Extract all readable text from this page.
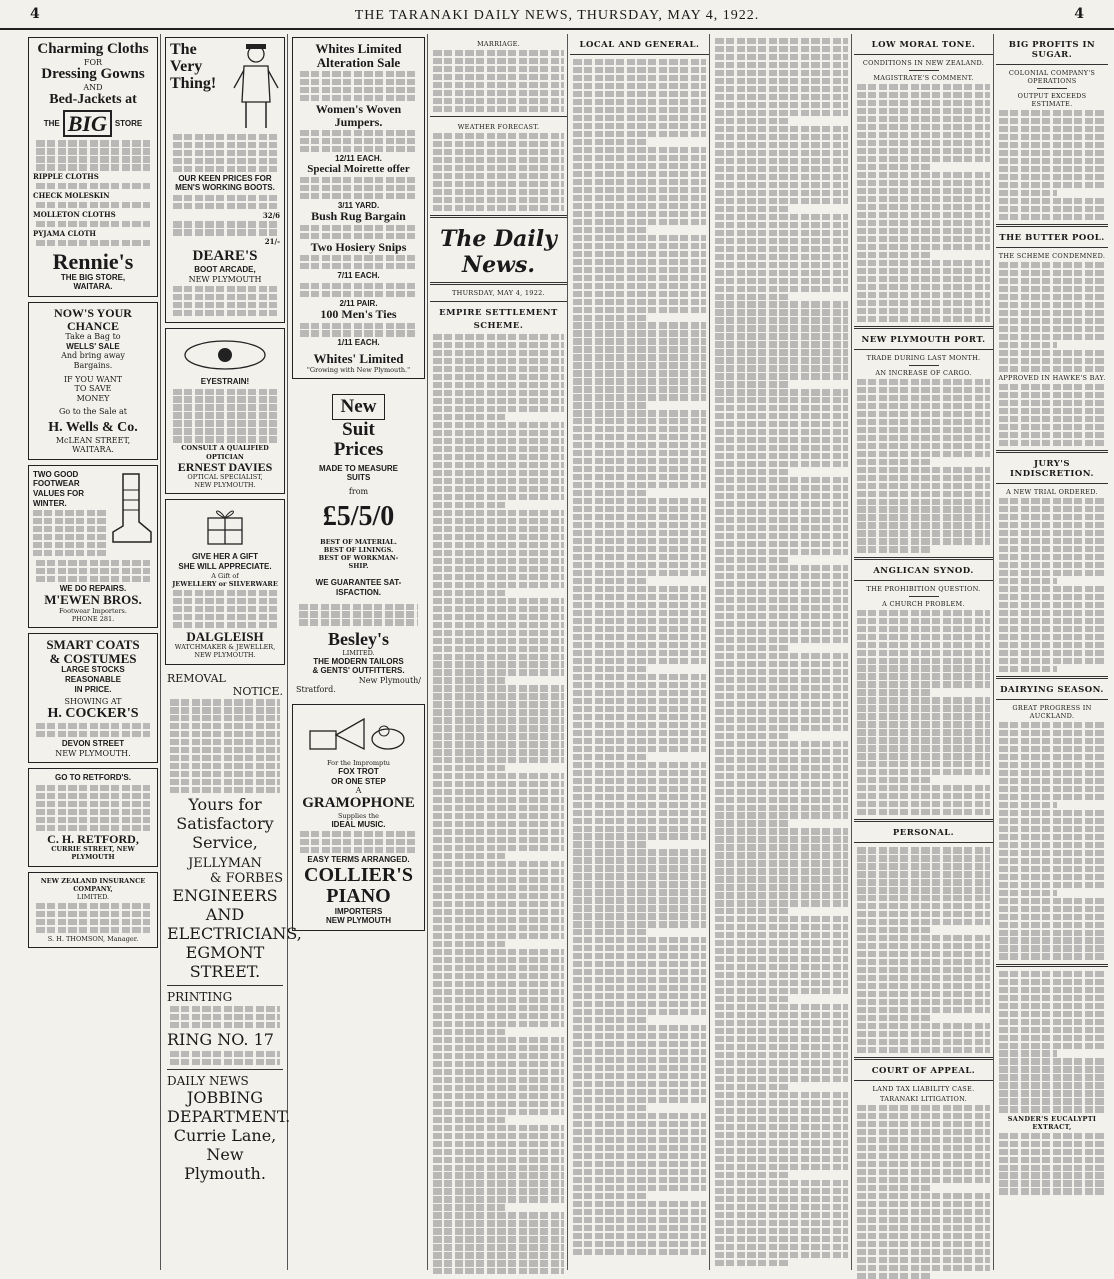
4	THE TARANAKI DAILY NEWS, THURSDAY, MAY 4, 1922.	4
Charming Cloths
FOR
Dressing Gowns
AND
Bed-Jackets at
THE BIG	STORE
RIPPLE CLOTHS
CHECK MOLESKIN
MOLLETON CLOTHS
PYJAMA CLOTH
Rennie's
THE BIG STORE,
WAITARA.
NOW'S YOUR
CHANCE
Take a Bag to
WELLS' SALE
And bring away
Bargains.
IF YOU WANT
TO SAVE
MONEY
Go to the Sale at
H. Wells & Co.
McLEAN STREET,
WAITARA.
TWO GOOD
FOOTWEAR
VALUES FOR
WINTER.
WE DO REPAIRS.
M'EWEN BROS.
Footwear Importers.
PHONE 281.
SMART COATS
& COSTUMES
LARGE STOCKS
REASONABLE
IN PRICE.
SHOWING AT
H. COCKER'S
DEVON STREET
NEW PLYMOUTH.
GO TO RETFORD'S.
C. H. RETFORD,
CURRIE STREET, NEW PLYMOUTH
NEW ZEALAND INSURANCE COMPANY,
LIMITED.
S. H. THOMSON, Manager.
The
Very
Thing!
OUR KEEN PRICES FOR
MEN'S WORKING BOOTS.
32/6
21/-
DEARE'S
BOOT ARCADE,
NEW PLYMOUTH
EYESTRAIN!
CONSULT A QUALIFIED
OPTICIAN
ERNEST DAVIES
OPTICAL SPECIALIST,
NEW PLYMOUTH.
GIVE HER A GIFT
SHE WILL APPRECIATE.
A Gift of
JEWELLERY or SILVERWARE
DALGLEISH
WATCHMAKER & JEWELLER,
NEW PLYMOUTH.
REMOVAL
NOTICE.
Yours for Satisfactory Service,
JELLYMAN
& FORBES
ENGINEERS AND ELECTRICIANS,
EGMONT STREET.
PRINTING
RING NO. 17
DAILY NEWS
JOBBING DEPARTMENT.
Currie Lane, New Plymouth.
Whites Limited
Alteration Sale
Women's Woven
Jumpers.
12/11 EACH.
Special Moirette offer
3/11 YARD.
Bush Rug Bargain
Two Hosiery Snips
7/11 EACH.
2/11 PAIR.
100 Men's Ties
1/11 EACH.
Whites' Limited
"Growing with New Plymouth."
New
Suit
Prices
MADE TO MEASURE
SUITS
from
£5/5/0
BEST OF MATERIAL.
BEST OF LININGS.
BEST OF WORKMAN-
SHIP.
WE GUARANTEE SAT-
ISFACTION.
Besley's
LIMITED.
THE MODERN TAILORS
& GENTS' OUTFITTERS.
New Plymouth/
Stratford.
For the Impromptu
FOX TROT
OR ONE STEP
A
GRAMOPHONE
Supplies the
IDEAL MUSIC.
EASY TERMS ARRANGED.
COLLIER'S
PIANO
IMPORTERS
NEW PLYMOUTH
MARRIAGE.
WEATHER FORECAST.
The Daily News.
THURSDAY, MAY 4, 1922.
EMPIRE SETTLEMENT
SCHEME.
LOCAL AND GENERAL.	LOW MORAL TONE.
CONDITIONS IN NEW ZEALAND.
MAGISTRATE'S COMMENT.
NEW PLYMOUTH PORT.
TRADE DURING LAST MONTH.
AN INCREASE OF CARGO.
ANGLICAN SYNOD.
THE PROHIBITION QUESTION.
A CHURCH PROBLEM.
PERSONAL.
COURT OF APPEAL.
LAND TAX LIABILITY CASE.
TARANAKI LITIGATION.
BIG PROFITS IN SUGAR.
COLONIAL COMPANY'S OPERATIONS
OUTPUT EXCEEDS ESTIMATE.
THE BUTTER POOL.
THE SCHEME CONDEMNED.
APPROVED IN HAWKE'S BAY.
JURY'S INDISCRETION.
A NEW TRIAL ORDERED.
DAIRYING SEASON.
GREAT PROGRESS IN AUCKLAND.
SANDER'S EUCALYPTI EXTRACT,
